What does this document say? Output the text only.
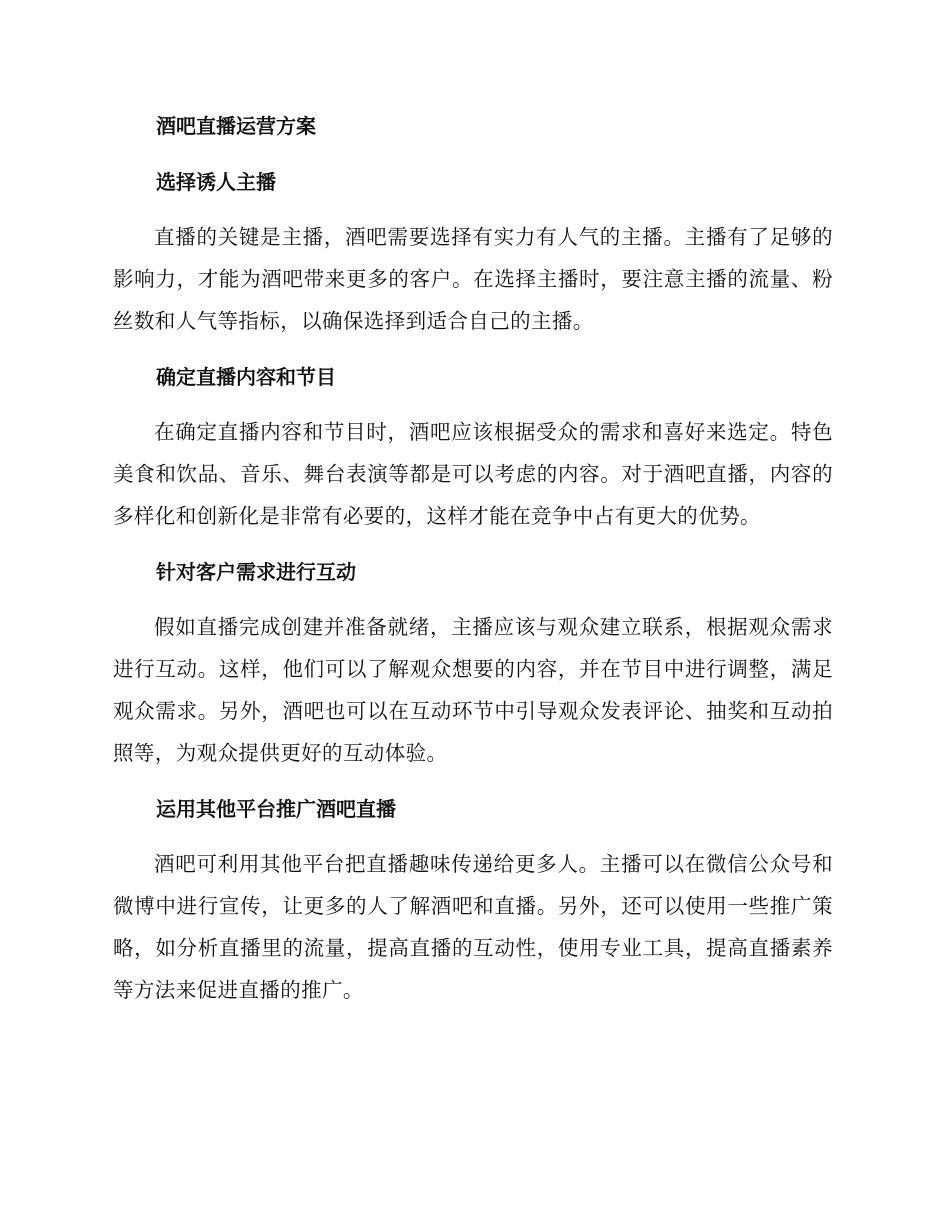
酒吧直播运营方案
选择诱人主播

直播的关键是主播，酒吧需要选择有实力有人气的主播。主播有了足够的影响力，才能为酒吧带来更多的客户。在选择主播时，要注意主播的流量、粉丝数和人气等指标，以确保选择到适合自己的主播。

确定直播内容和节目

在确定直播内容和节目时，酒吧应该根据受众的需求和喜好来选定。特色美食和饮品、音乐、舞台表演等都是可以考虑的内容。对于酒吧直播，内容的多样化和创新化是非常有必要的，这样才能在竞争中占有更大的优势。

针对客户需求进行互动

假如直播完成创建并准备就绪，主播应该与观众建立联系，根据观众需求进行互动。这样，他们可以了解观众想要的内容，并在节目中进行调整，满足观众需求。另外，酒吧也可以在互动环节中引导观众发表评论、抽奖和互动拍照等，为观众提供更好的互动体验。

运用其他平台推广酒吧直播

酒吧可利用其他平台把直播趣味传递给更多人。主播可以在微信公众号和微博中进行宣传，让更多的人了解酒吧和直播。另外，还可以使用一些推广策略，如分析直播里的流量，提高直播的互动性，使用专业工具，提高直播素养等方法来促进直播的推广。
